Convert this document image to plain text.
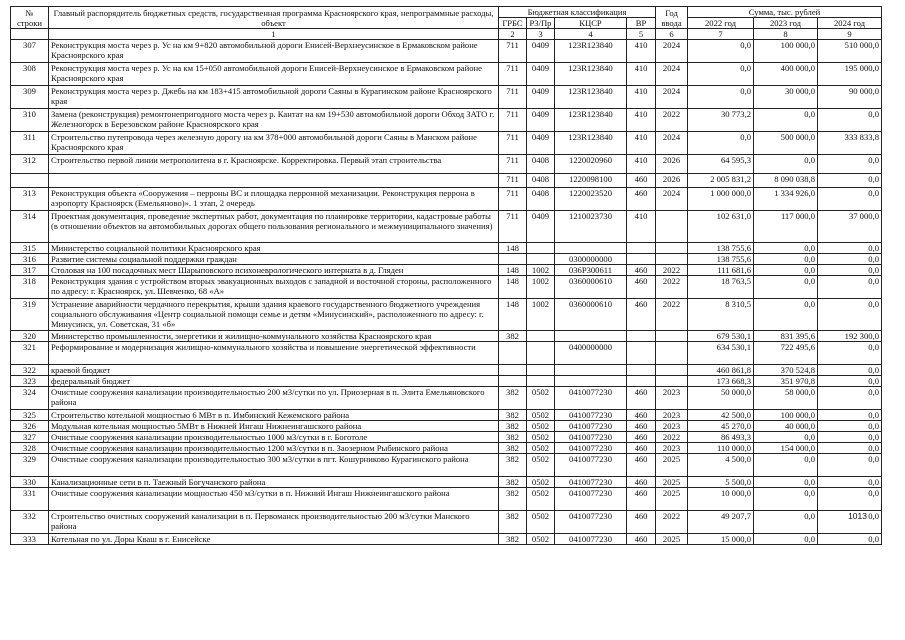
№ строки	Главный распорядитель бюджетных средств, государственная программа Красноярского края, непрограммные расходы, объект	Бюджетная классификация				Год ввода	Сумма, тыс. рублей		
		ГРБС	Р3/Пр	КЦСР	ВР		2022 год	2023 год	2024 год
	1	2	3	4	5	6	7	8	9
307	Реконструкция моста через р. Ус на км 9+820 автомобильной дороги Енисей-Верхнеусинское в Ермаковском районе Красноярского края	711	0409	123R123840	410	2024	0,0	100 000,0	510 000,0
308	Реконструкция моста через р. Ус на км 15+050 автомобильной дороги Енисей-Верхнеусинское в Ермаковском районе Красноярского края	711	0409	123R123840	410	2024	0,0	400 000,0	195 000,0
309	Реконструкция моста через р. Джебь на км 183+415 автомобильной дороги Саяны в Курагинском районе Красноярского края	711	0409	123R123840	410	2024	0,0	30 000,0	90 000,0
310	Замена (реконструкция) ремонтонепригодного моста через р. Кантат на км 19+530 автомобильной дороги Обход ЗАТО г. Железногорск в Березовском районе Красноярского края	711	0409	123R123840	410	2022	30 773,2	0,0	0,0
311	Строительство путепровода через железную дорогу на км 378+000 автомобильной дороги Саяны в Манском районе Красноярского края	711	0409	123R123840	410	2024	0,0	500 000,0	333 833,8
312	Строительство первой линии метрополитена в г. Красноярске. Корректировка. Первый этап строительства	711	0408	1220020960	410	2026	64 595,3	0,0	0,0
		711	0408	1220098100	460	2026	2 005 831,2	8 090 038,8	0,0
313	Реконструкция объекта «Сооружения – перроны ВС и площадка перронной механизации. Реконструкция перрона в аэропорту Красноярск (Емельяново)». 1 этап, 2 очередь	711	0408	1220023520	460	2024	1 000 000,0	1 334 926,0	0,0
314	Проектная документация, проведение экспертных работ, документация по планировке территории, кадастровые работы (в отношении объектов на автомобильных дорогах общего пользования регионального и межмуниципального значения)	711	0409	1210023730	410		102 631,0	117 000,0	37 000,0
315	Министерство социальной политики Красноярского края	148					138 755,6	0,0	0,0
316	Развитие системы социальной поддержки граждан			0300000000			138 755,6	0,0	0,0
317	Столовая на 100 посадочных мест Шарыповского психоневрологического интерната в д. Гляден	148	1002	036P300611	460	2022	111 681,6	0,0	0,0
318	Реконструкция здания с устройством вторых эвакуационных выходов с западной и восточной стороны, расположенного по адресу: г. Красноярск, ул. Шевченко, 68 «А»	148	1002	0360000610	460	2022	18 763,5	0,0	0,0
319	Устранение аварийности чердачного перекрытия, крыши здания краевого государственного бюджетного учреждения социального обслуживания «Центр социальной помощи семье и детям «Минусинский», расположенного по адресу: г. Минусинск, ул. Советская, 31 «б»	148	1002	0360000610	460	2022	8 310,5	0,0	0,0
320	Министерство промышленности, энергетики и жилищно-коммунального хозяйства Красноярского края	382					679 530,1	831 395,6	192 300,0
321	Реформирование и модернизация жилищно-коммунального хозяйства и повышение энергетической эффективности			0400000000			634 530,1	722 495,6	0,0
322	краевой бюджет						460 861,8	370 524,8	0,0
323	федеральный бюджет						173 668,3	351 970,8	0,0
324	Очистные сооружения канализации производительностью 200 м3/сутки по ул. Приозерная в п. Элита Емельяновского района	382	0502	0410077230	460	2023	50 000,0	58 000,0	0,0
325	Строительство котельной мощностью 6 МВт в п. Имбинский Кежемского района	382	0502	0410077230	460	2023	42 500,0	100 000,0	0,0
326	Модульная котельная мощностью 5МВт в Нижней Ингаш Нижнеингашского района	382	0502	0410077230	460	2023	45 270,0	40 000,0	0,0
327	Очистные сооружения канализации производительностью 1000 м3/сутки в г. Боготоле	382	0502	0410077230	460	2022	86 493,3	0,0	0,0
328	Очистные сооружения канализации производительностью 1200 м3/сутки в п. Заозерном Рыбинского района	382	0502	0410077230	460	2023	110 000,0	154 000,0	0,0
329	Очистные сооружения канализации производительностью 300 м3/сутки в пгт. Кошурниково Курагинского района	382	0502	0410077230	460	2025	4 500,0	0,0	0,0
330	Канализационные сети в п. Таежный Богучанского района	382	0502	0410077230	460	2025	5 500,0	0,0	0,0
331	Очистные сооружения канализации мощностью 450 м3/сутки в п. Нижний Ингаш Нижнеингашского района	382	0502	0410077230	460	2025	10 000,0	0,0	0,0
332	Строительство очистных сооружений канализации в п. Первоманск производительностью 200 м3/сутки Манского района	382	0502	0410077230	460	2022	49 207,7	0,0	0,0
333	Котельная по ул. Доры Кваш в г. Енисейске	382	0502	0410077230	460	2025	15 000,0	0,0	0,0
1013
